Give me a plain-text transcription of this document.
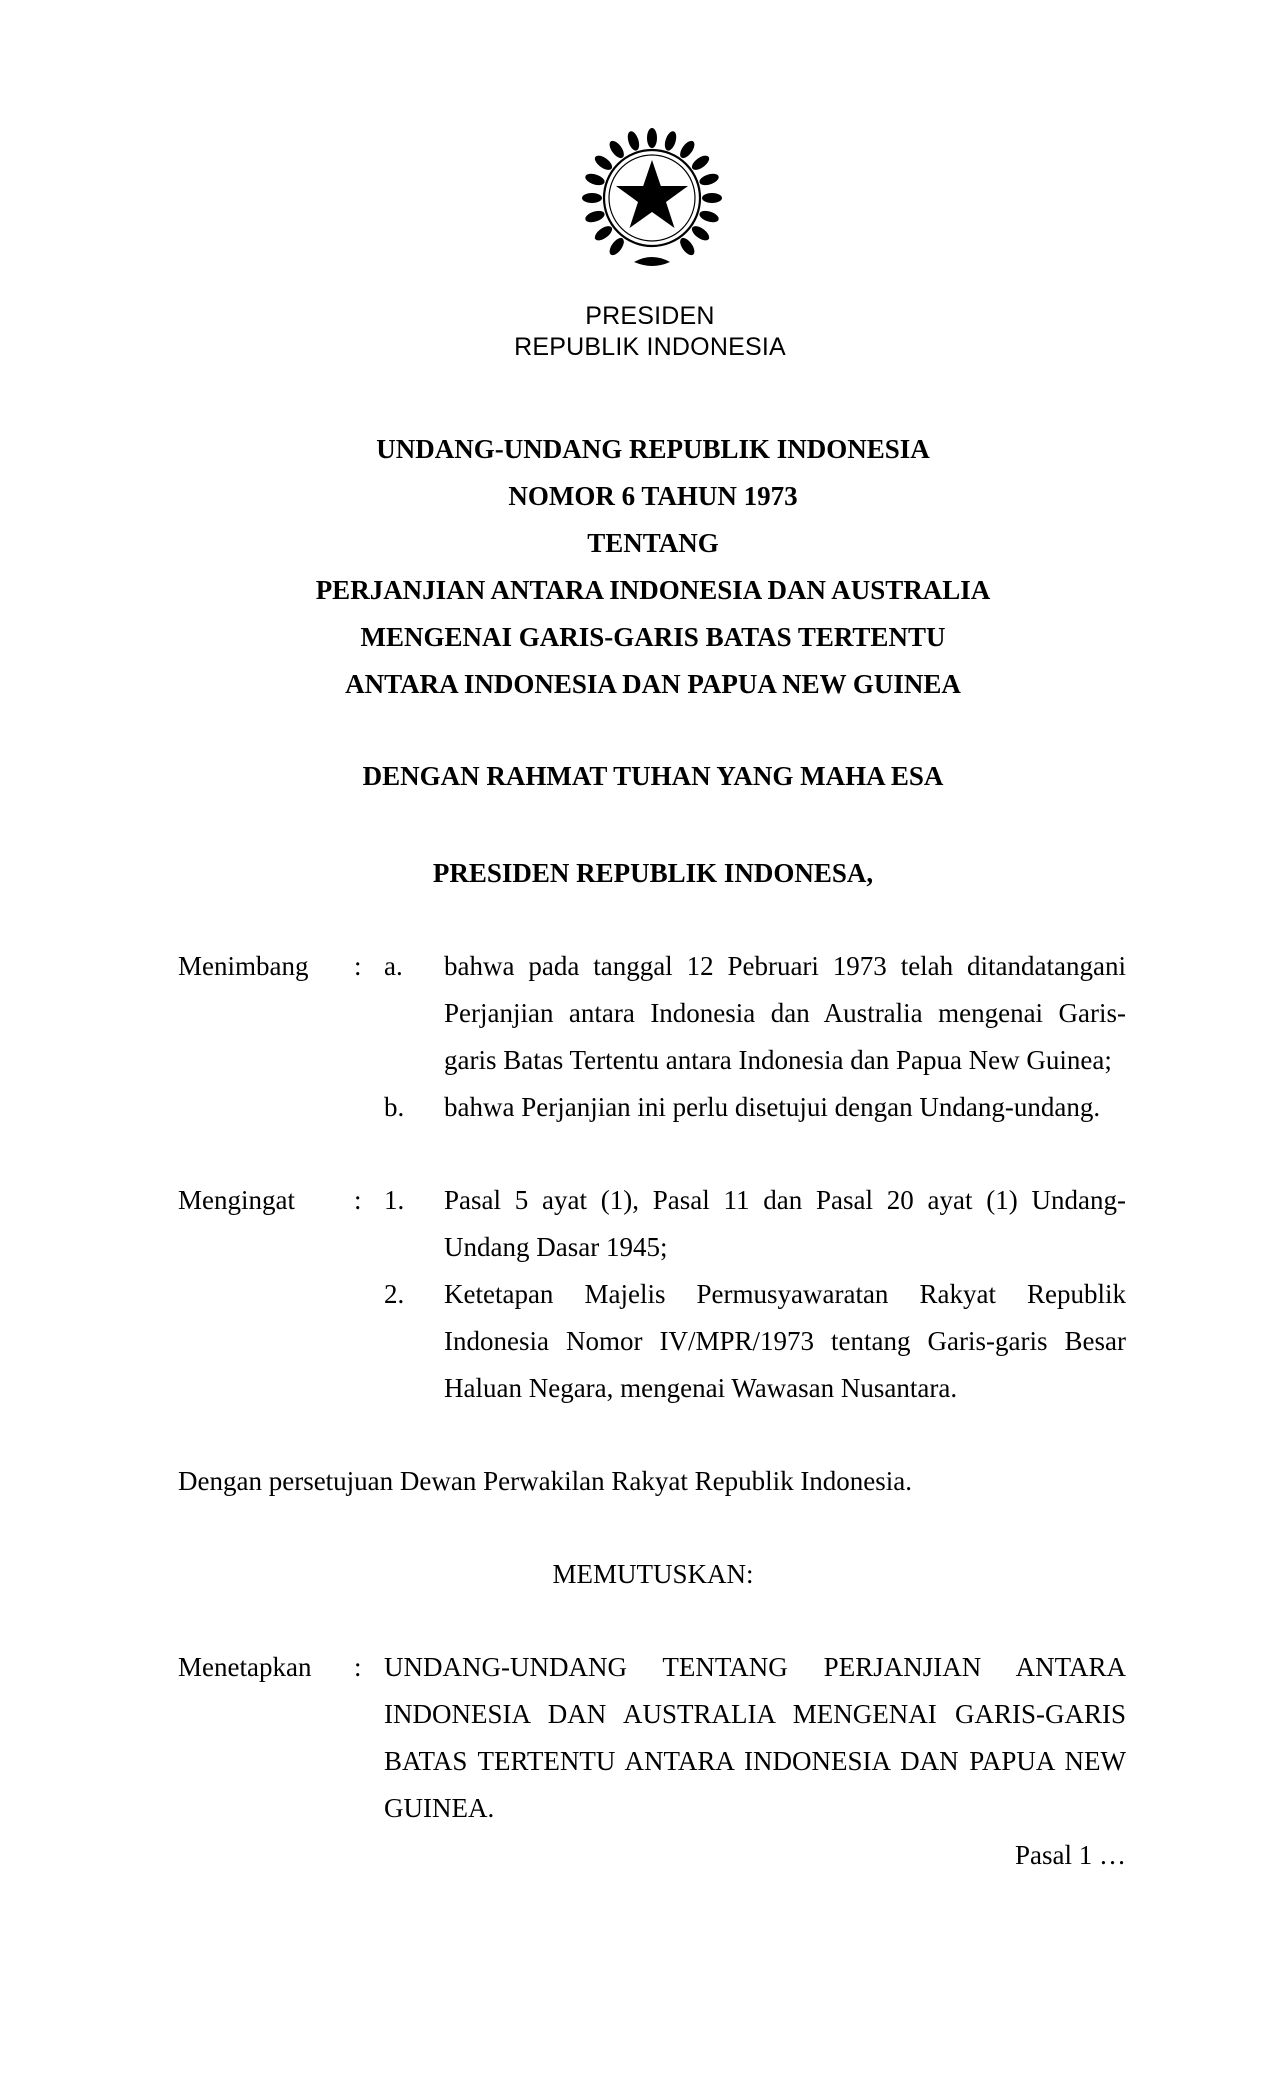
PRESIDEN
REPUBLIK INDONESIA
UNDANG-UNDANG REPUBLIK INDONESIA
NOMOR 6 TAHUN 1973
TENTANG
PERJANJIAN ANTARA INDONESIA DAN AUSTRALIA
MENGENAI GARIS-GARIS BATAS TERTENTU
ANTARA INDONESIA DAN PAPUA NEW GUINEA
DENGAN RAHMAT TUHAN YANG MAHA ESA
PRESIDEN REPUBLIK INDONESA,
Menimbang : a. bahwa pada tanggal 12 Pebruari 1973 telah ditandatangani
Perjanjian antara Indonesia dan Australia mengenai Garis-
garis Batas Tertentu antara Indonesia dan Papua New Guinea;
b. bahwa Perjanjian ini perlu disetujui dengan Undang-undang.
Mengingat : 1. Pasal 5 ayat (1), Pasal 11 dan Pasal 20 ayat (1) Undang-
Undang Dasar 1945;
2. Ketetapan Majelis Permusyawaratan Rakyat Republik
Indonesia Nomor IV/MPR/1973 tentang Garis-garis Besar
Haluan Negara, mengenai Wawasan Nusantara.
Dengan persetujuan Dewan Perwakilan Rakyat Republik Indonesia.
MEMUTUSKAN:
Menetapkan : UNDANG-UNDANG TENTANG PERJANJIAN ANTARA
INDONESIA DAN AUSTRALIA MENGENAI GARIS-GARIS
BATAS TERTENTU ANTARA INDONESIA DAN PAPUA NEW
GUINEA.
Pasal 1 …
